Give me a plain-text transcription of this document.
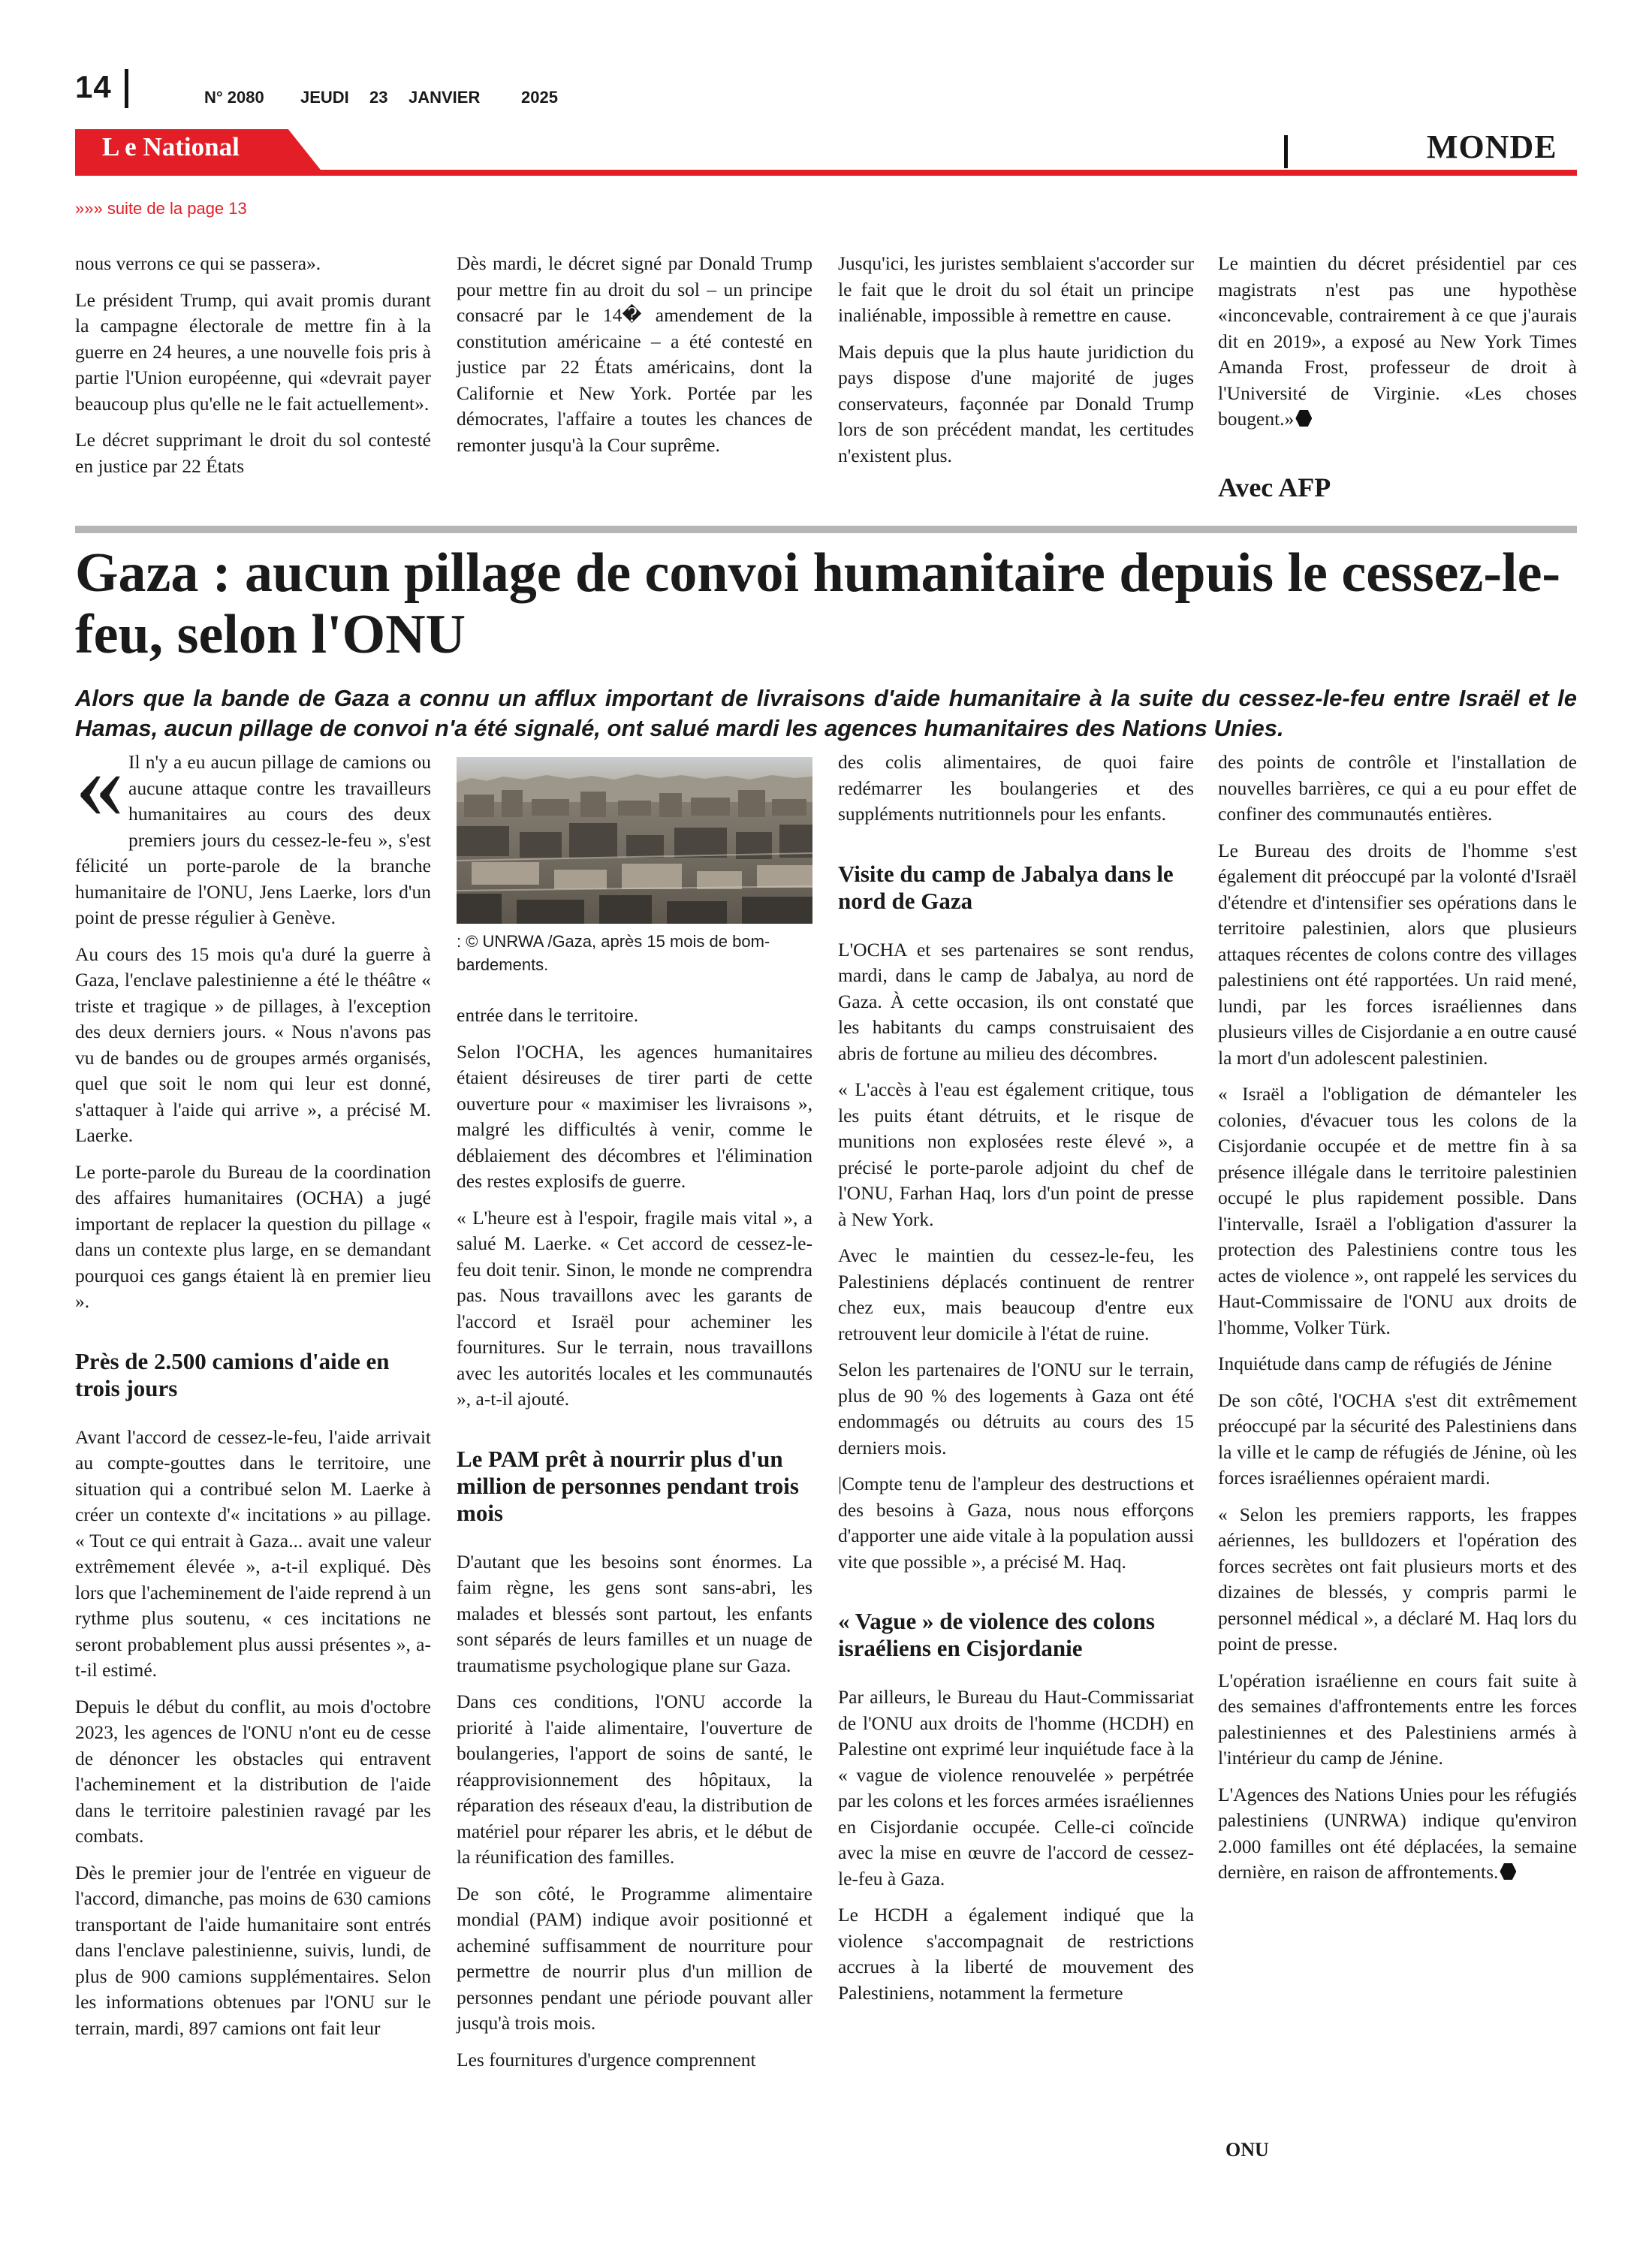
14	N° 2080 JEUDI 23 JANVIER 2025
L e National	MONDE
»»» suite de la page 13

nous verrons ce qui se passera».

Le président Trump, qui avait promis durant la campagne électorale de mettre fin à la guerre en 24 heures, a une nouvelle fois pris à partie l'Union européenne, qui «devrait payer beaucoup plus qu'elle ne le fait actuellement».

Le décret supprimant le droit du sol contesté en justice par 22 États

Dès mardi, le décret signé par Donald Trump pour mettre fin au droit du sol – un principe consacré par le 14� amendement de la constitution américaine – a été contesté en justice par 22 États américains, dont la Californie et New York. Portée par les démocrates, l'affaire a toutes les chances de remonter jusqu'à la Cour suprême.

Jusqu'ici, les juristes semblaient s'accorder sur le fait que le droit du sol était un principe inaliénable, impossible à remettre en cause.

Mais depuis que la plus haute juridiction du pays dispose d'une majorité de juges conservateurs, façonnée par Donald Trump lors de son précédent mandat, les certitudes n'existent plus.

Le maintien du décret présidentiel par ces magistrats n'est pas une hypothèse «inconcevable, contrairement à ce que j'aurais dit en 2019», a exposé au New York Times Amanda Frost, professeur de droit à l'Université de Virginie. «Les choses bougent.»

Avec AFP
Gaza : aucun pillage de convoi humanitaire depuis le cessez-le-feu, selon l'ONU
Alors que la bande de Gaza a connu un afflux important de livraisons d'aide humanitaire à la suite du cessez-le-feu entre Israël et le Hamas, aucun pillage de convoi n'a été signalé, ont salué mardi les agences humanitaires des Nations Unies.

« Il n'y a eu aucun pillage de camions ou aucune attaque contre les travailleurs humanitaires au cours des deux premiers jours du cessez-le-feu », s'est félicité un porte-parole de la branche humanitaire de l'ONU, Jens Laerke, lors d'un point de presse régulier à Genève.

Au cours des 15 mois qu'a duré la guerre à Gaza, l'enclave palestinienne a été le théâtre « triste et tragique » de pillages, à l'exception des deux derniers jours. « Nous n'avons pas vu de bandes ou de groupes armés organisés, quel que soit le nom qui leur est donné, s'attaquer à l'aide qui arrive », a précisé M. Laerke.

Le porte-parole du Bureau de la coordination des affaires humanitaires (OCHA) a jugé important de replacer la question du pillage « dans un contexte plus large, en se demandant pourquoi ces gangs étaient là en premier lieu ».

Près de 2.500 camions d'aide en trois jours

Avant l'accord de cessez-le-feu, l'aide arrivait au compte-gouttes dans le territoire, une situation qui a contribué selon M. Laerke à créer un contexte d'« incitations » au pillage. « Tout ce qui entrait à Gaza... avait une valeur extrêmement élevée », a-t-il expliqué. Dès lors que l'acheminement de l'aide reprend à un rythme plus soutenu, « ces incitations ne seront probablement plus aussi présentes », a-t-il estimé.

Depuis le début du conflit, au mois d'octobre 2023, les agences de l'ONU n'ont eu de cesse de dénoncer les obstacles qui entravent l'acheminement et la distribution de l'aide dans le territoire palestinien ravagé par les combats.

Dès le premier jour de l'entrée en vigueur de l'accord, dimanche, pas moins de 630 camions transportant de l'aide humanitaire sont entrés dans l'enclave palestinienne, suivis, lundi, de plus de 900 camions supplémentaires. Selon les informations obtenues par l'ONU sur le terrain, mardi, 897 camions ont fait leur

: © UNRWA /Gaza, après 15 mois de bom-bardements.

entrée dans le territoire.

Selon l'OCHA, les agences humanitaires étaient désireuses de tirer parti de cette ouverture pour « maximiser les livraisons », malgré les difficultés à venir, comme le déblaiement des décombres et l'élimination des restes explosifs de guerre.

« L'heure est à l'espoir, fragile mais vital », a salué M. Laerke. « Cet accord de cessez-le-feu doit tenir. Sinon, le monde ne comprendra pas. Nous travaillons avec les garants de l'accord et Israël pour acheminer les fournitures. Sur le terrain, nous travaillons avec les autorités locales et les communautés », a-t-il ajouté.

Le PAM prêt à nourrir plus d'un million de personnes pendant trois mois

D'autant que les besoins sont énormes. La faim règne, les gens sont sans-abri, les malades et blessés sont partout, les enfants sont séparés de leurs familles et un nuage de traumatisme psychologique plane sur Gaza.

Dans ces conditions, l'ONU accorde la priorité à l'aide alimentaire, l'ouverture de boulangeries, l'apport de soins de santé, le réapprovisionnement des hôpitaux, la réparation des réseaux d'eau, la distribution de matériel pour réparer les abris, et le début de la réunification des familles.

De son côté, le Programme alimentaire mondial (PAM) indique avoir positionné et acheminé suffisamment de nourriture pour permettre de nourrir plus d'un million de personnes pendant une période pouvant aller jusqu'à trois mois.

Les fournitures d'urgence comprennent

des colis alimentaires, de quoi faire redémarrer les boulangeries et des suppléments nutritionnels pour les enfants.

Visite du camp de Jabalya dans le nord de Gaza

L'OCHA et ses partenaires se sont rendus, mardi, dans le camp de Jabalya, au nord de Gaza. À cette occasion, ils ont constaté que les habitants du camps construisaient des abris de fortune au milieu des décombres.

« L'accès à l'eau est également critique, tous les puits étant détruits, et le risque de munitions non explosées reste élevé », a précisé le porte-parole adjoint du chef de l'ONU, Farhan Haq, lors d'un point de presse à New York.

Avec le maintien du cessez-le-feu, les Palestiniens déplacés continuent de rentrer chez eux, mais beaucoup d'entre eux retrouvent leur domicile à l'état de ruine.

Selon les partenaires de l'ONU sur le terrain, plus de 90 % des logements à Gaza ont été endommagés ou détruits au cours des 15 derniers mois.

|Compte tenu de l'ampleur des destructions et des besoins à Gaza, nous nous efforçons d'apporter une aide vitale à la population aussi vite que possible », a précisé M. Haq.

« Vague » de violence des colons israéliens en Cisjordanie

Par ailleurs, le Bureau du Haut-Commissariat de l'ONU aux droits de l'homme (HCDH) en Palestine ont exprimé leur inquiétude face à la « vague de violence renouvelée » perpétrée par les colons et les forces armées israéliennes en Cisjordanie occupée. Celle-ci coïncide avec la mise en œuvre de l'accord de cessez-le-feu à Gaza.

Le HCDH a également indiqué que la violence s'accompagnait de restrictions accrues à la liberté de mouvement des Palestiniens, notamment la fermeture

des points de contrôle et l'installation de nouvelles barrières, ce qui a eu pour effet de confiner des communautés entières.

Le Bureau des droits de l'homme s'est également dit préoccupé par la volonté d'Israël d'étendre et d'intensifier ses opérations dans le territoire palestinien, alors que plusieurs attaques récentes de colons contre des villages palestiniens ont été rapportées. Un raid mené, lundi, par les forces israéliennes dans plusieurs villes de Cisjordanie a en outre causé la mort d'un adolescent palestinien.

« Israël a l'obligation de démanteler les colonies, d'évacuer tous les colons de la Cisjordanie occupée et de mettre fin à sa présence illégale dans le territoire palestinien occupé le plus rapidement possible. Dans l'intervalle, Israël a l'obligation d'assurer la protection des Palestiniens contre tous les actes de violence », ont rappelé les services du Haut-Commissaire de l'ONU aux droits de l'homme, Volker Türk.

Inquiétude dans camp de réfugiés de Jénine

De son côté, l'OCHA s'est dit extrêmement préoccupé par la sécurité des Palestiniens dans la ville et le camp de réfugiés de Jénine, où les forces israéliennes opéraient mardi.

« Selon les premiers rapports, les frappes aériennes, les bulldozers et l'opération des forces secrètes ont fait plusieurs morts et des dizaines de blessés, y compris parmi le personnel médical », a déclaré M. Haq lors du point de presse.

L'opération israélienne en cours fait suite à des semaines d'affrontements entre les forces palestiniennes et des Palestiniens armés à l'intérieur du camp de Jénine.

L'Agences des Nations Unies pour les réfugiés palestiniens (UNRWA) indique qu'environ 2.000 familles ont été déplacées, la semaine dernière, en raison de affrontements.

ONU
